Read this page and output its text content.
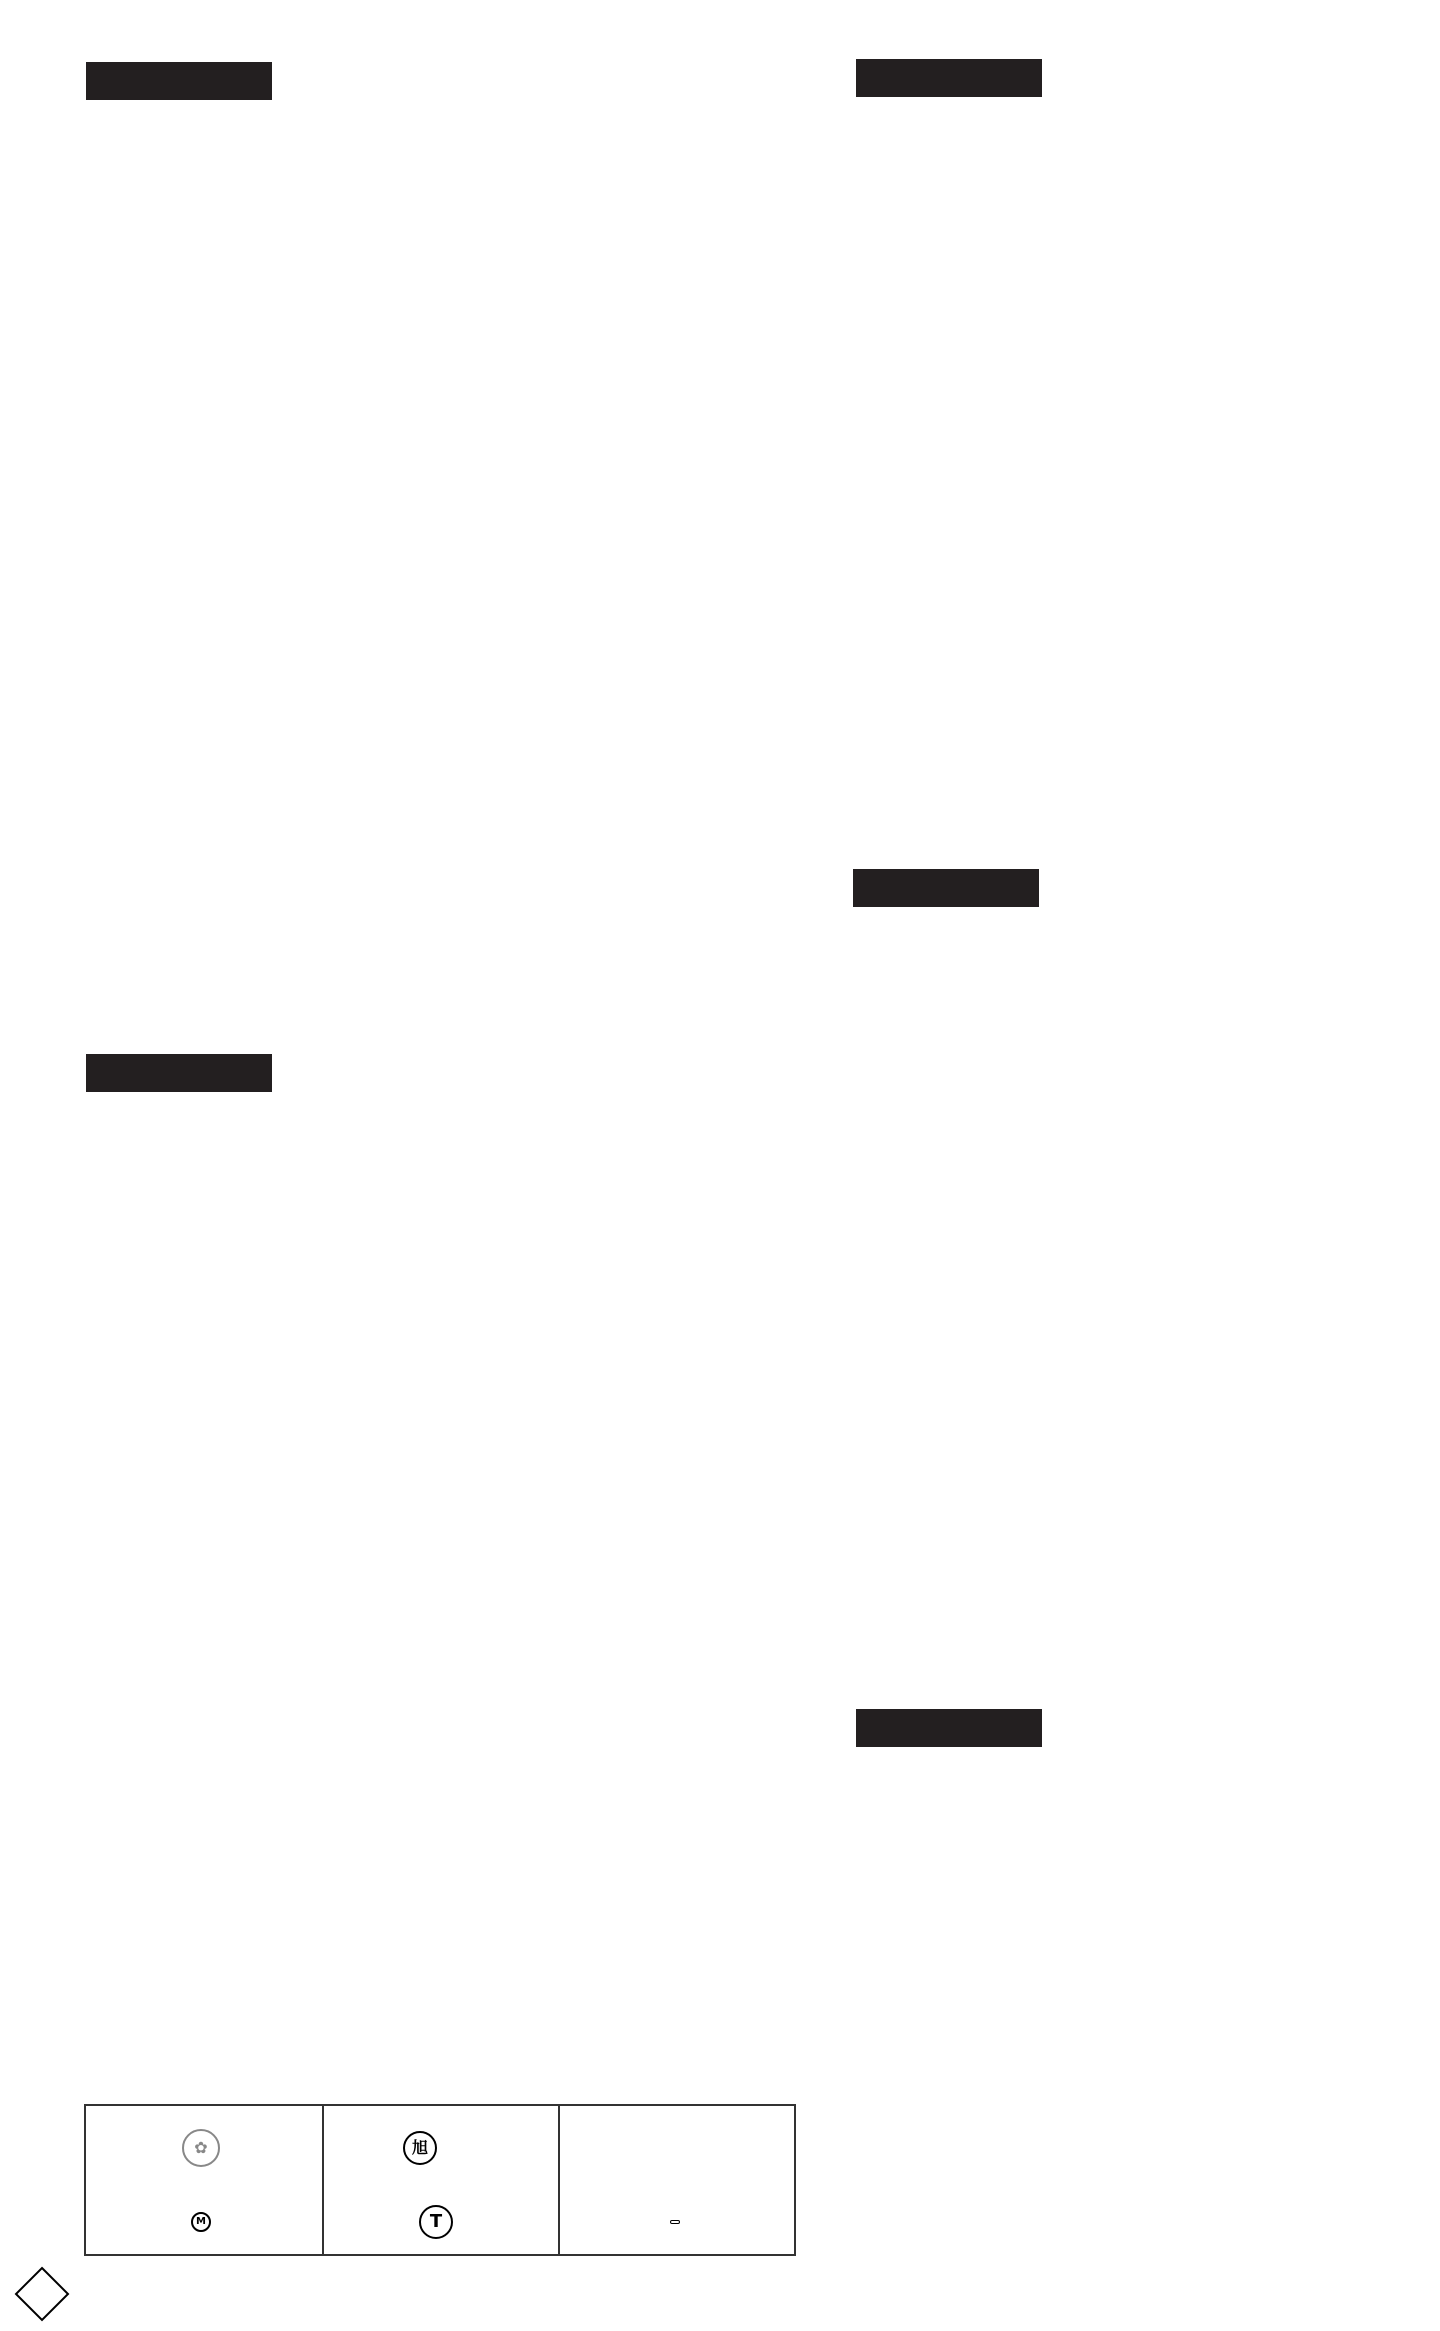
✿	旭
M	T
